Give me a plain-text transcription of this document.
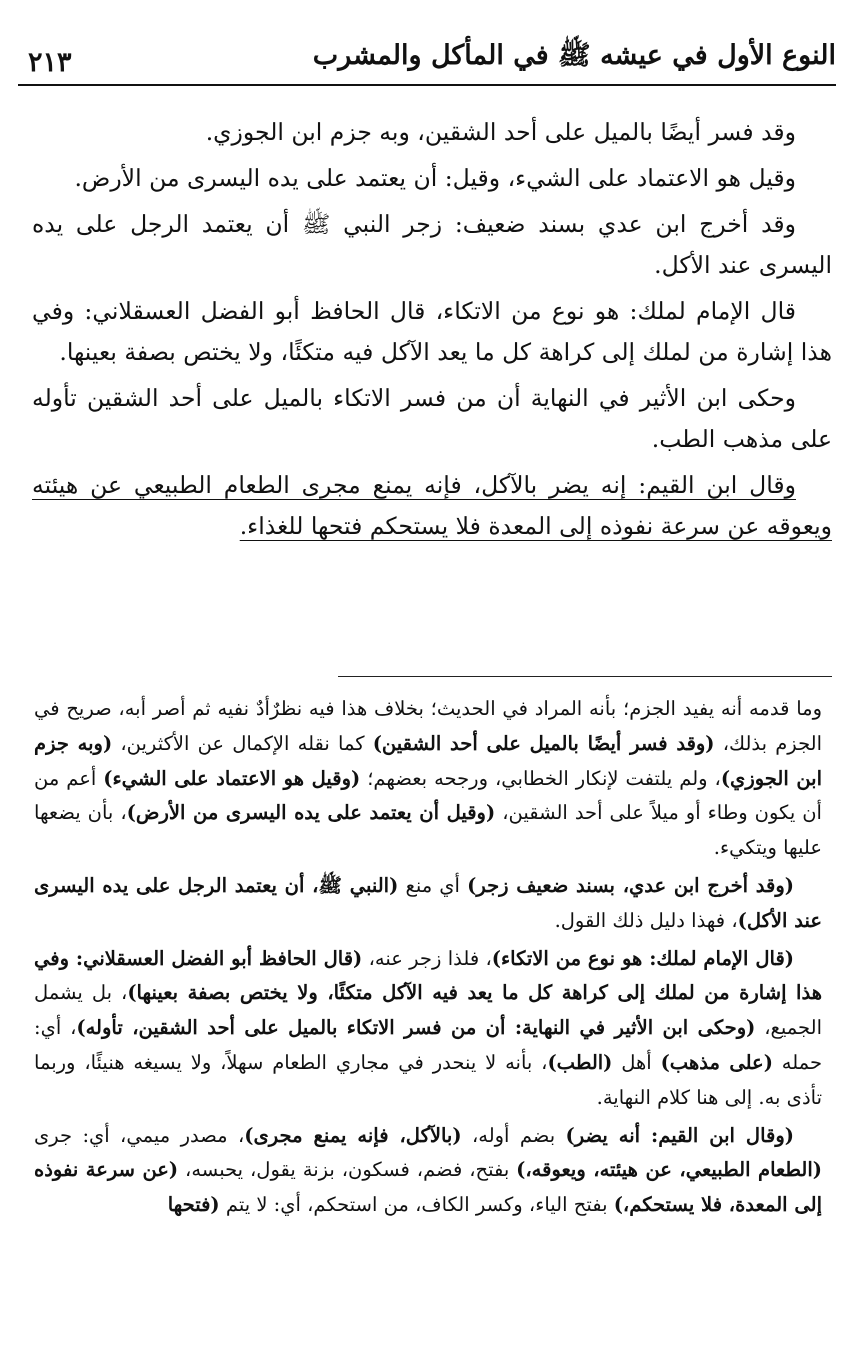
النوع الأول في عيشه ﷺ في المأكل والمشرب
٢١٣

وقد فسر أيضًا بالميل على أحد الشقين، وبه جزم ابن الجوزي.

وقيل هو الاعتماد على الشيء، وقيل: أن يعتمد على يده اليسرى من الأرض.

وقد أخرج ابن عدي بسند ضعيف: زجر النبي ﷺ أن يعتمد الرجل على يده اليسرى عند الأكل.

قال الإمام لملك: هو نوع من الاتكاء، قال الحافظ أبو الفضل العسقلاني: وفي هذا إشارة من لملك إلى كراهة كل ما يعد الآكل فيه متكئًا، ولا يختص بصفة بعينها.

وحكى ابن الأثير في النهاية أن من فسر الاتكاء بالميل على أحد الشقين تأوله على مذهب الطب.

وقال ابن القيم: إنه يضر بالآكل، فإنه يمنع مجرى الطعام الطبيعي عن هيئته ويعوقه عن سرعة نفوذه إلى المعدة فلا يستحكم فتحها للغذاء.

وما قدمه أنه يفيد الجزم؛ بأنه المراد في الحديث؛ بخلاف هذا فيه نظرٌأدٌ نفيه ثم أصر أبه، صريح في الجزم بذلك، (وقد فسر أيضًا بالميل على أحد الشقين) كما نقله الإكمال عن الأكثرين، (وبه جزم ابن الجوزي)، ولم يلتفت لإنكار الخطابي، ورجحه بعضهم؛ (وقيل هو الاعتماد على الشيء) أعم من أن يكون وطاء أو ميلاً على أحد الشقين، (وقيل أن يعتمد على يده اليسرى من الأرض)، بأن يضعها عليها ويتكيء.

(وقد أخرج ابن عدي، بسند ضعيف زجر) أي منع (النبي ﷺ، أن يعتمد الرجل على يده اليسرى عند الأكل)، فهذا دليل ذلك القول.

(قال الإمام لملك: هو نوع من الاتكاء)، فلذا زجر عنه، (قال الحافظ أبو الفضل العسقلاني: وفي هذا إشارة من لملك إلى كراهة كل ما يعد فيه الآكل متكئًا، ولا يختص بصفة بعينها)، بل يشمل الجميع، (وحكى ابن الأثير في النهاية: أن من فسر الاتكاء بالميل على أحد الشقين، تأوله)، أي: حمله (على مذهب) أهل (الطب)، بأنه لا ينحدر في مجاري الطعام سهلاً، ولا يسيغه هنيئًا، وربما تأذى به. إلى هنا كلام النهاية.

(وقال ابن القيم: أنه يضر) بضم أوله، (بالآكل، فإنه يمنع مجرى)، مصدر ميمي، أي: جرى (الطعام الطبيعي، عن هيئته، ويعوقه،) بفتح، فضم، فسكون، بزنة يقول، يحبسه، (عن سرعة نفوذه إلى المعدة، فلا يستحكم،) بفتح الياء، وكسر الكاف، من استحكم، أي: لا يتم (فتحها
